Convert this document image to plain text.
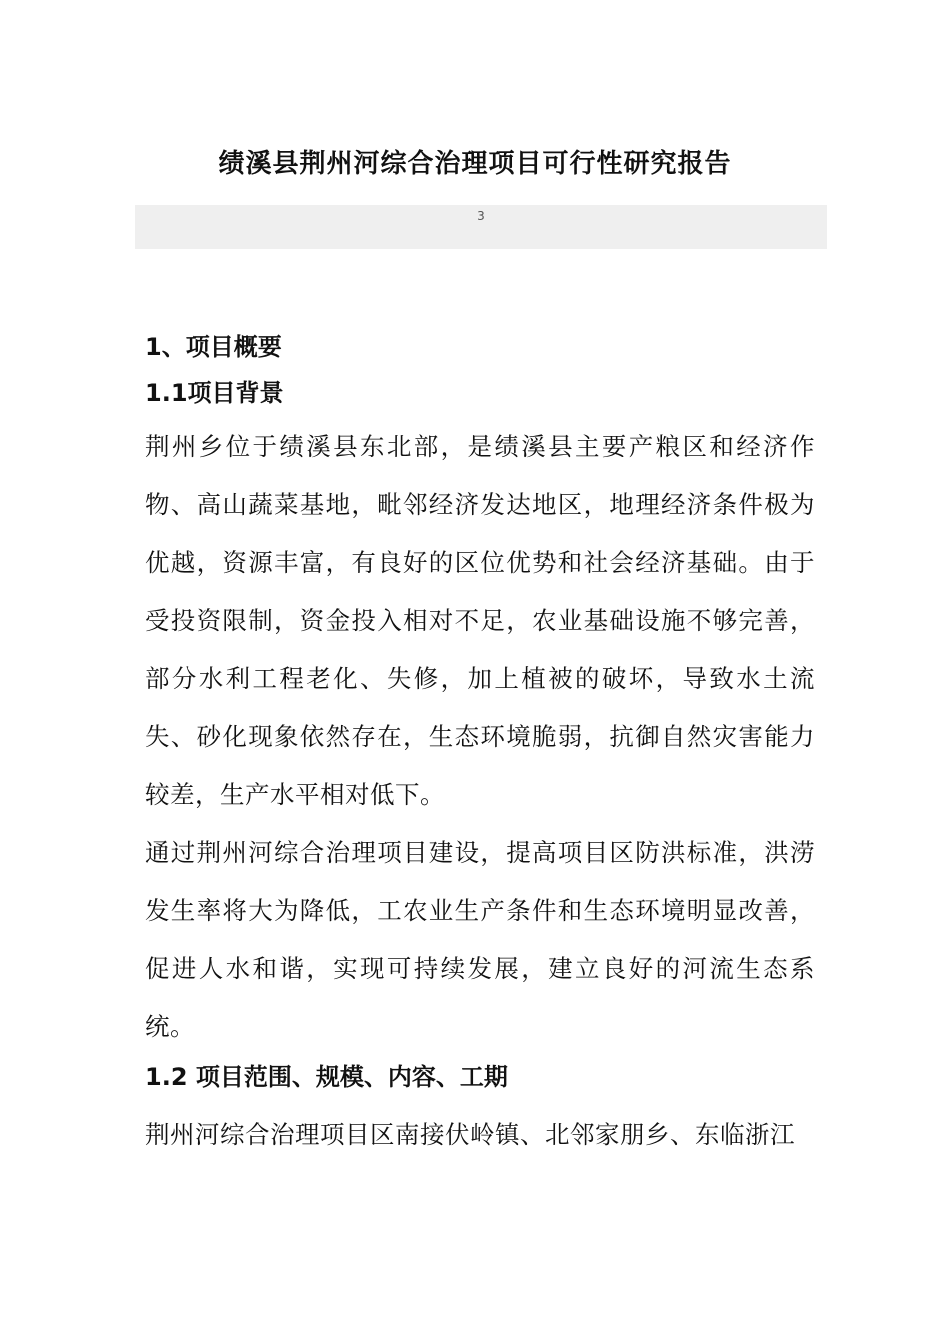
绩溪县荆州河综合治理项目可行性研究报告
3
1、项目概要
1.1项目背景

荆州乡位于绩溪县东北部，是绩溪县主要产粮区和经济作物、高山蔬菜基地，毗邻经济发达地区，地理经济条件极为优越，资源丰富，有良好的区位优势和社会经济基础。由于受投资限制，资金投入相对不足，农业基础设施不够完善，部分水利工程老化、失修，加上植被的破坏，导致水土流失、砂化现象依然存在，生态环境脆弱，抗御自然灾害能力较差，生产水平相对低下。

通过荆州河综合治理项目建设，提高项目区防洪标准，洪涝发生率将大为降低，工农业生产条件和生态环境明显改善，促进人水和谐，实现可持续发展，建立良好的河流生态系统。

1.2 项目范围、规模、内容、工期

荆州河综合治理项目区南接伏岭镇、北邻家朋乡、东临浙江
